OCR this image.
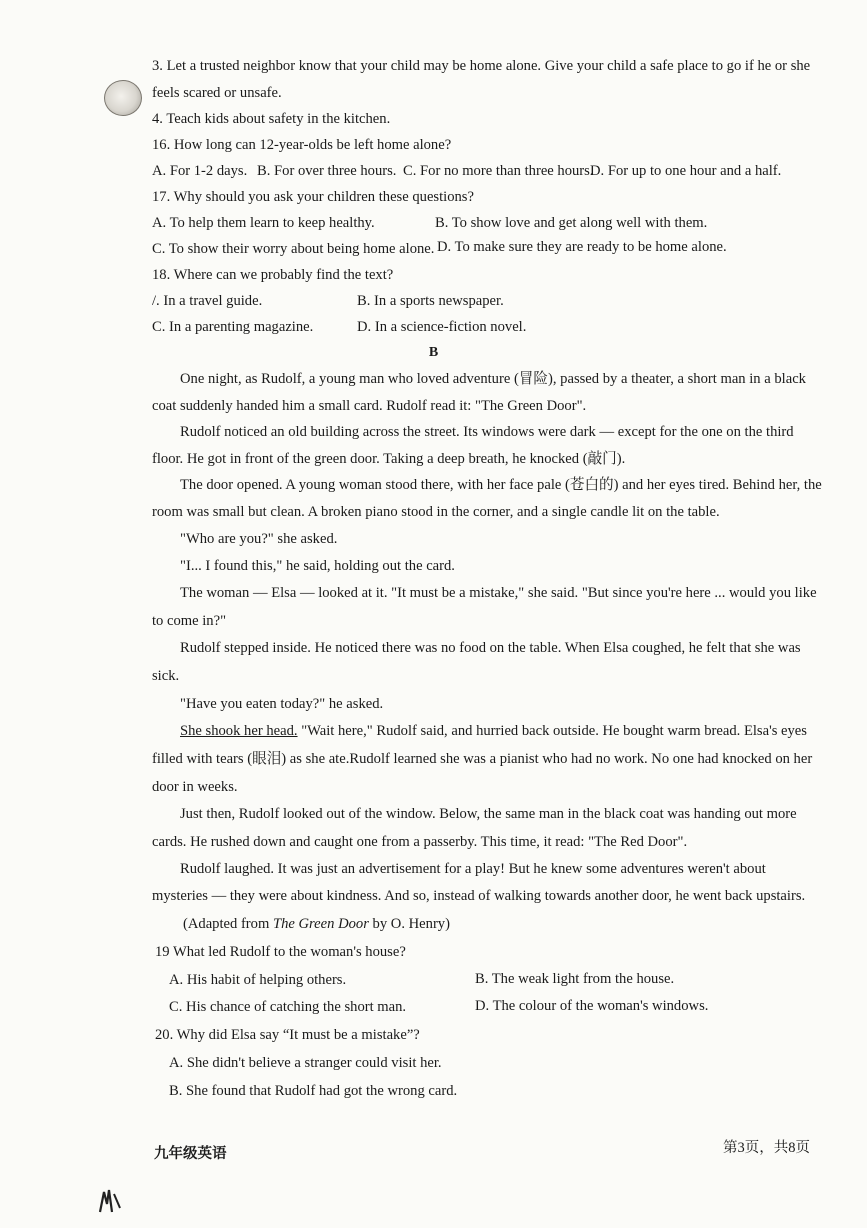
3. Let a trusted neighbor know that your child may be home alone. Give your child a safe place to go if he or she
feels scared or unsafe.
4. Teach kids about safety in the kitchen.
16. How long can 12-year-olds be left home alone?
A. For 1-2 days. B. For over three hours. C. For no more than three hours.
D. For up to one hour and a half.
17. Why should you ask your children these questions?
A. To help them learn to keep healthy.	B. To show love and get along well with them.
C. To show their worry about being home alone. D. To make sure they are ready to be home alone.
18. Where can we probably find the text?
/. In a travel guide.	B. In a sports newspaper.
C. In a parenting magazine.	D. In a science-fiction novel.
B
One night, as Rudolf, a young man who loved adventure (冒险), passed by a theater, a short man in a black
coat suddenly handed him a small card. Rudolf read it: "The Green Door".
Rudolf noticed an old building across the street. Its windows were dark — except for the one on the third
floor. He got in front of the green door. Taking a deep breath, he knocked (敲门).
The door opened. A young woman stood there, with her face pale (苍白的) and her eyes tired. Behind her, the
room was small but clean. A broken piano stood in the corner, and a single candle lit on the table.
"Who are you?" she asked.
"I... I found this," he said, holding out the card.
The woman — Elsa — looked at it. "It must be a mistake," she said. "But since you're here ... would you like
to come in?"
Rudolf stepped inside. He noticed there was no food on the table. When Elsa coughed, he felt that she was
sick.
"Have you eaten today?" he asked.
She shook her head. "Wait here," Rudolf said, and hurried back outside. He bought warm bread. Elsa's eyes
filled with tears (眼泪) as she ate.Rudolf learned she was a pianist who had no work. No one had knocked on her
door in weeks.
Just then, Rudolf looked out of the window. Below, the same man in the black coat was handing out more
cards. He rushed down and caught one from a passerby. This time, it read: "The Red Door".
Rudolf laughed. It was just an advertisement for a play! But he knew some adventures weren't about
mysteries — they were about kindness. And so, instead of walking towards another door, he went back upstairs.
(Adapted from The Green Door by O. Henry)
19 What led Rudolf to the woman's house?
A. His habit of helping others.	B. The weak light from the house.
C. His chance of catching the short man.	D. The colour of the woman's windows.
20. Why did Elsa say “It must be a mistake”?
A. She didn't believe a stranger could visit her.
B. She found that Rudolf had got the wrong card.
九年级英语	第3页，共8页
